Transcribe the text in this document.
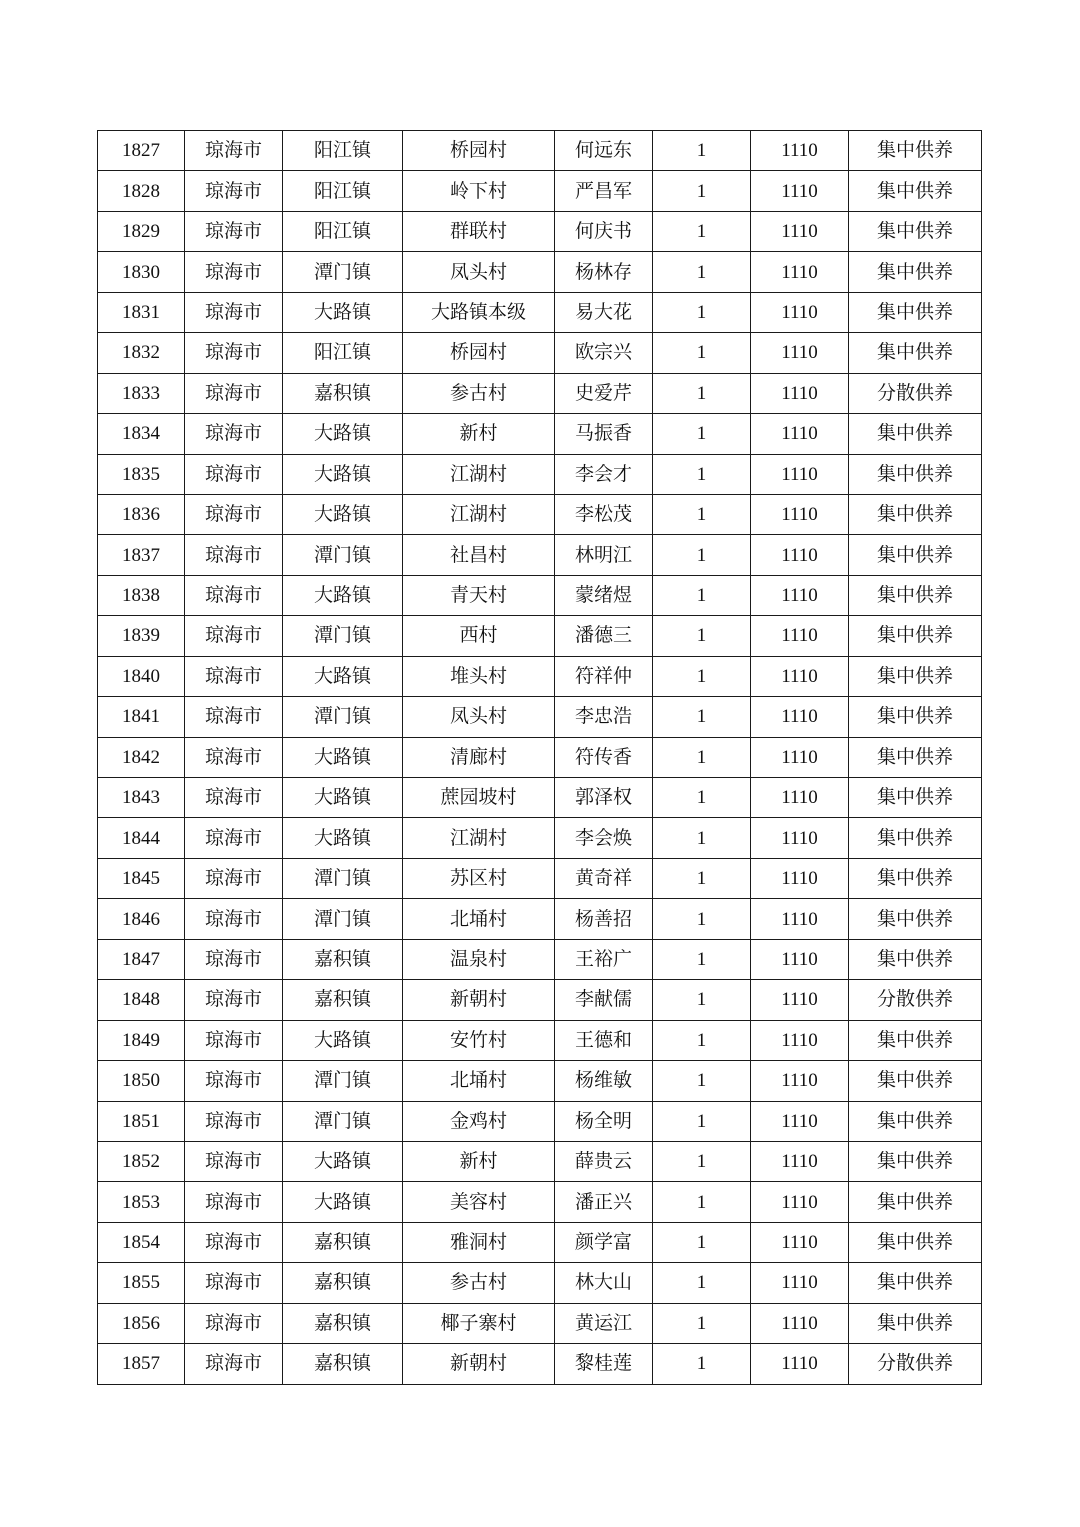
1827	琼海市	阳江镇	桥园村	何远东	1	1110	集中供养
1828	琼海市	阳江镇	岭下村	严昌军	1	1110	集中供养
1829	琼海市	阳江镇	群联村	何庆书	1	1110	集中供养
1830	琼海市	潭门镇	凤头村	杨林存	1	1110	集中供养
1831	琼海市	大路镇	大路镇本级	易大花	1	1110	集中供养
1832	琼海市	阳江镇	桥园村	欧宗兴	1	1110	集中供养
1833	琼海市	嘉积镇	参古村	史爱芹	1	1110	分散供养
1834	琼海市	大路镇	新村	马振香	1	1110	集中供养
1835	琼海市	大路镇	江湖村	李会才	1	1110	集中供养
1836	琼海市	大路镇	江湖村	李松茂	1	1110	集中供养
1837	琼海市	潭门镇	社昌村	林明江	1	1110	集中供养
1838	琼海市	大路镇	青天村	蒙绪煜	1	1110	集中供养
1839	琼海市	潭门镇	西村	潘德三	1	1110	集中供养
1840	琼海市	大路镇	堆头村	符祥仲	1	1110	集中供养
1841	琼海市	潭门镇	凤头村	李忠浩	1	1110	集中供养
1842	琼海市	大路镇	清廊村	符传香	1	1110	集中供养
1843	琼海市	大路镇	蔗园坡村	郭泽权	1	1110	集中供养
1844	琼海市	大路镇	江湖村	李会焕	1	1110	集中供养
1845	琼海市	潭门镇	苏区村	黄奇祥	1	1110	集中供养
1846	琼海市	潭门镇	北埇村	杨善招	1	1110	集中供养
1847	琼海市	嘉积镇	温泉村	王裕广	1	1110	集中供养
1848	琼海市	嘉积镇	新朝村	李献儒	1	1110	分散供养
1849	琼海市	大路镇	安竹村	王德和	1	1110	集中供养
1850	琼海市	潭门镇	北埇村	杨维敏	1	1110	集中供养
1851	琼海市	潭门镇	金鸡村	杨全明	1	1110	集中供养
1852	琼海市	大路镇	新村	薛贵云	1	1110	集中供养
1853	琼海市	大路镇	美容村	潘正兴	1	1110	集中供养
1854	琼海市	嘉积镇	雅洞村	颜学富	1	1110	集中供养
1855	琼海市	嘉积镇	参古村	林大山	1	1110	集中供养
1856	琼海市	嘉积镇	椰子寨村	黄运江	1	1110	集中供养
1857	琼海市	嘉积镇	新朝村	黎桂莲	1	1110	分散供养
